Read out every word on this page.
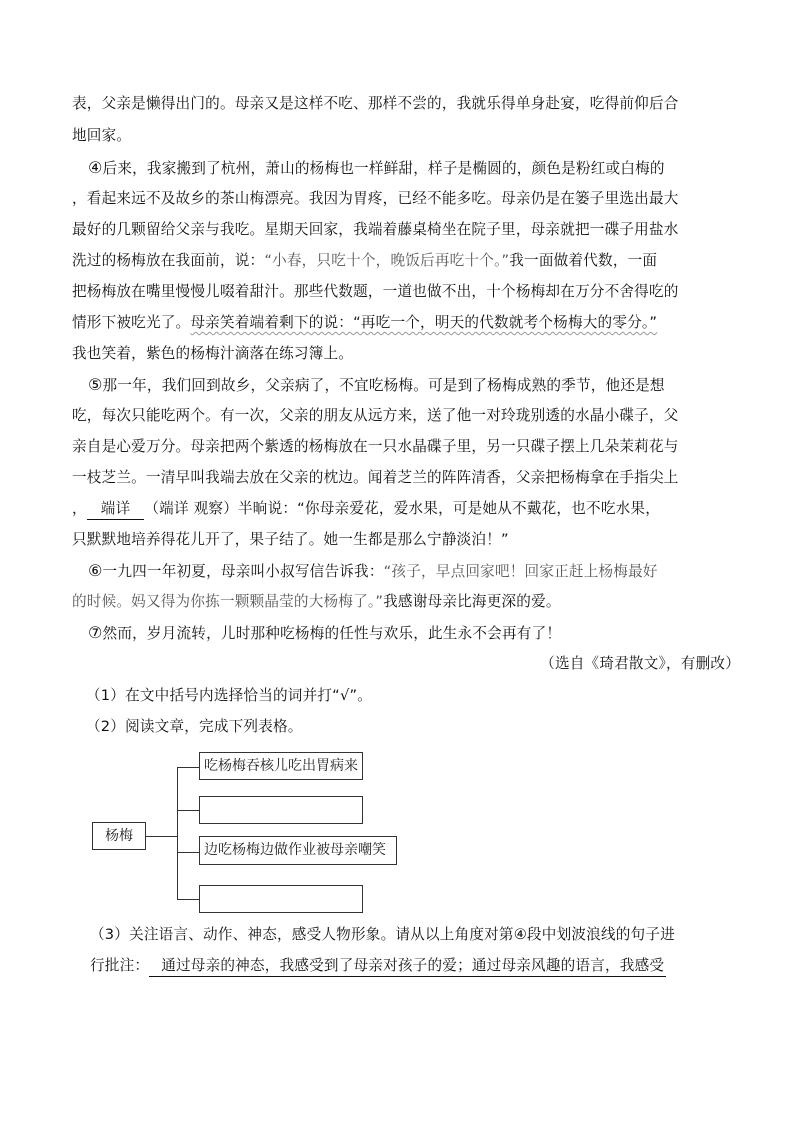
表，父亲是懒得出门的。母亲又是这样不吃、那样不尝的，我就乐得单身赴宴，吃得前仰后合
地回家。
④后来，我家搬到了杭州，萧山的杨梅也一样鲜甜，样子是椭圆的，颜色是粉红或白梅的
，看起来远不及故乡的茶山梅漂亮。我因为胃疼，已经不能多吃。母亲仍是在篓子里选出最大
最好的几颗留给父亲与我吃。星期天回家，我端着藤桌椅坐在院子里，母亲就把一碟子用盐水
洗过的杨梅放在我面前，说：“小春，只吃十个，晚饭后再吃十个。”我一面做着代数，一面
把杨梅放在嘴里慢慢儿啜着甜汁。那些代数题，一道也做不出，十个杨梅却在万分不舍得吃的
情形下被吃光了。母亲笑着端着剩下的说：“再吃一个，明天的代数就考个杨梅大的零分。”
我也笑着，紫色的杨梅汁滴落在练习簿上。
⑤那一年，我们回到故乡，父亲病了，不宜吃杨梅。可是到了杨梅成熟的季节，他还是想
吃，每次只能吃两个。有一次，父亲的朋友从远方来，送了他一对玲珑别透的水晶小碟子，父
亲自是心爱万分。母亲把两个紫透的杨梅放在一只水晶碟子里，另一只碟子摆上几朵茉莉花与
一枝芝兰。一清早叫我端去放在父亲的枕边。闻着芝兰的阵阵清香，父亲把杨梅拿在手指尖上
， 端详 （端详 观察）半晌说：“你母亲爱花，爱水果，可是她从不戴花，也不吃水果，
只默默地培养得花儿开了，果子结了。她一生都是那么宁静淡泊！”
⑥一九四一年初夏，母亲叫小叔写信告诉我：“孩子，早点回家吧！回家正赶上杨梅最好
的时候。妈又得为你拣一颗颗晶莹的大杨梅了。”我感谢母亲比海更深的爱。
⑦然而，岁月流转，儿时那种吃杨梅的任性与欢乐，此生永不会再有了！
（选自《琦君散文》，有删改）
（1）在文中括号内选择恰当的词并打“√”。
（2）阅读文章，完成下列表格。
杨梅
吃杨梅吞核儿吃出胃病来
边吃杨梅边做作业被母亲嘲笑
（3）关注语言、动作、神态，感受人物形象。请从以上角度对第④段中划波浪线的句子进
行批注： 通过母亲的神态，我感受到了母亲对孩子的爱；通过母亲风趣的语言，我感受
